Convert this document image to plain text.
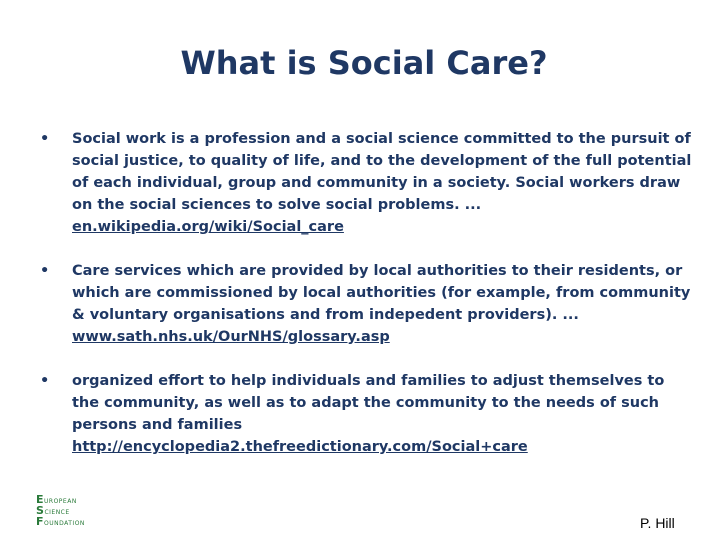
What is Social Care?
•	Social work is a profession and a social science committed to the pursuit of social justice, to quality of life, and to the development of the full potential of each individual, group and community in a society. Social workers draw on the social sciences to solve social problems. ...
en.wikipedia.org/wiki/Social_care
•	Care services which are provided by local authorities to their residents, or which are commissioned by local authorities (for example, from community & voluntary organisations and from indepedent providers). ...
www.sath.nhs.uk/OurNHS/glossary.asp
•	organized effort to help individuals and families to adjust themselves to the community, as well as to adapt the community to the needs of such persons and families
http://encyclopedia2.thefreedictionary.com/Social+care
EUROPEAN
SCIENCE
FOUNDATION	P. Hill
